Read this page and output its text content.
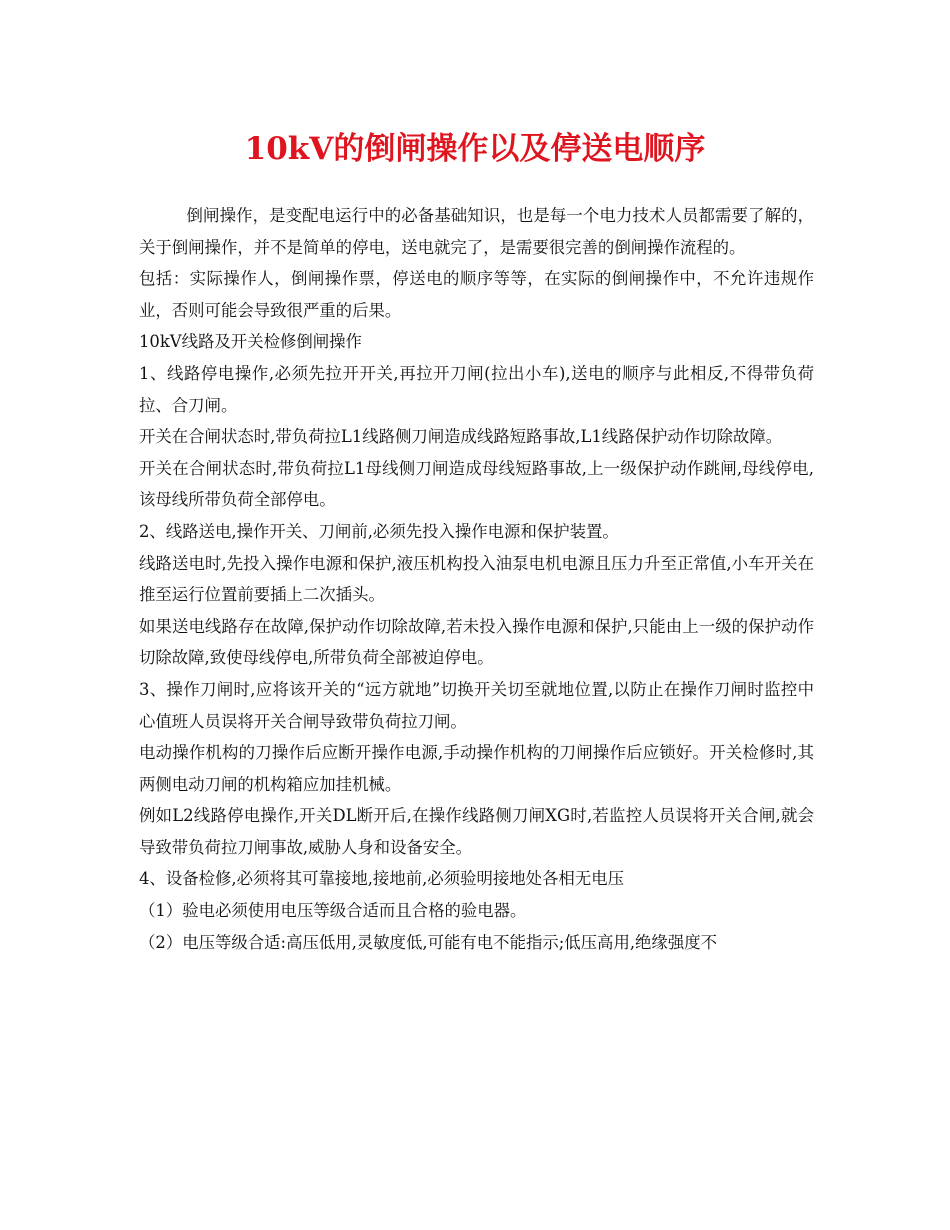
10kV的倒闸操作以及停送电顺序

倒闸操作，是变配电运行中的必备基础知识，也是每一个电力技术人员都需要了解的，关于倒闸操作，并不是简单的停电，送电就完了，是需要很完善的倒闸操作流程的。

包括：实际操作人，倒闸操作票，停送电的顺序等等，在实际的倒闸操作中，不允许违规作业，否则可能会导致很严重的后果。

10kV线路及开关检修倒闸操作

1、线路停电操作,必须先拉开开关,再拉开刀闸(拉出小车),送电的顺序与此相反,不得带负荷拉、合刀闸。

开关在合闸状态时,带负荷拉L1线路侧刀闸造成线路短路事故,L1线路保护动作切除故障。

开关在合闸状态时,带负荷拉L1母线侧刀闸造成母线短路事故,上一级保护动作跳闸,母线停电,该母线所带负荷全部停电。

2、线路送电,操作开关、刀闸前,必须先投入操作电源和保护装置。

线路送电时,先投入操作电源和保护,液压机构投入油泵电机电源且压力升至正常值,小车开关在推至运行位置前要插上二次插头。

如果送电线路存在故障,保护动作切除故障,若未投入操作电源和保护,只能由上一级的保护动作切除故障,致使母线停电,所带负荷全部被迫停电。

3、操作刀闸时,应将该开关的“远方就地”切换开关切至就地位置,以防止在操作刀闸时监控中心值班人员误将开关合闸导致带负荷拉刀闸。

电动操作机构的刀操作后应断开操作电源,手动操作机构的刀闸操作后应锁好。开关检修时,其两侧电动刀闸的机构箱应加挂机械。

例如L2线路停电操作,开关DL断开后,在操作线路侧刀闸XG时,若监控人员误将开关合闸,就会导致带负荷拉刀闸事故,威胁人身和设备安全。

4、设备检修,必须将其可靠接地,接地前,必须验明接地处各相无电压

（1）验电必须使用电压等级合适而且合格的验电器。

（2）电压等级合适:高压低用,灵敏度低,可能有电不能指示;低压高用,绝缘强度不
